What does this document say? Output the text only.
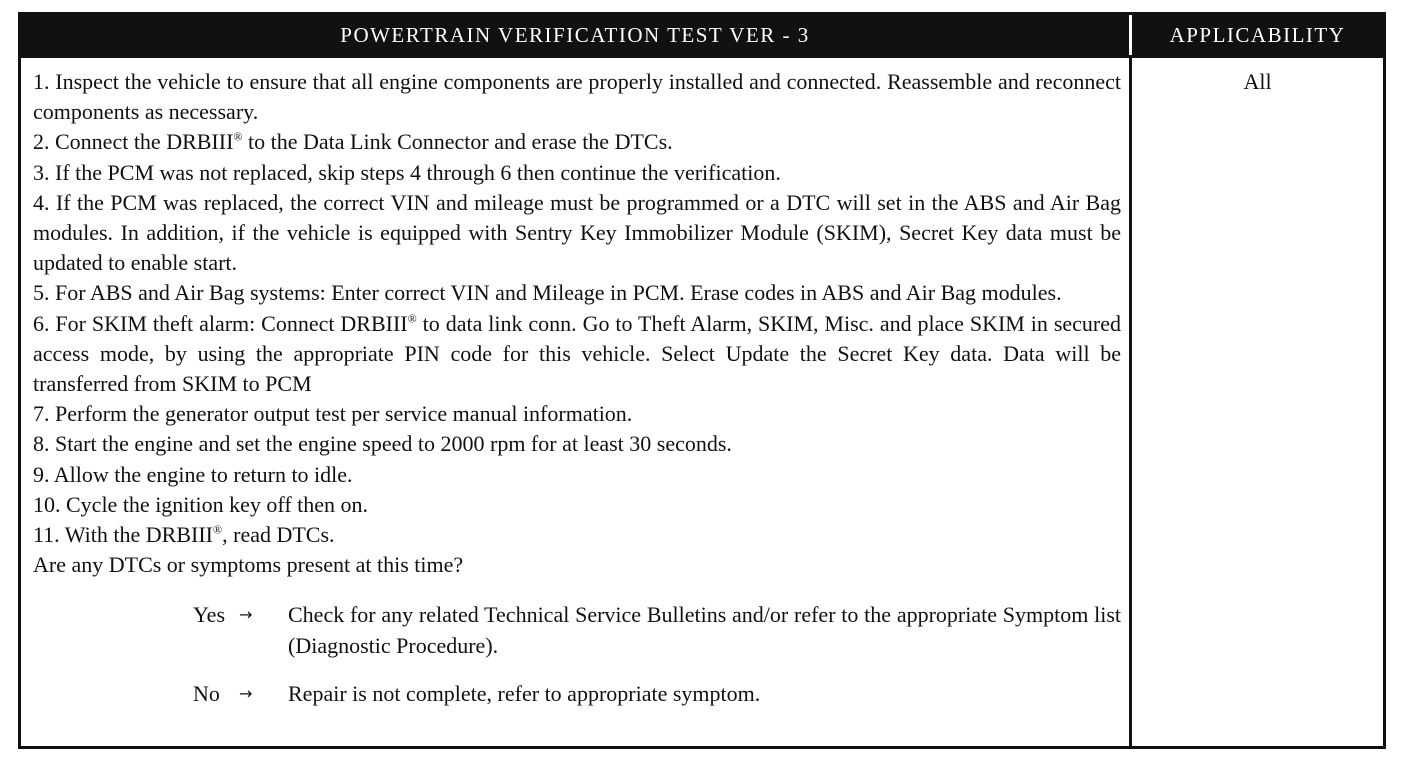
POWERTRAIN VERIFICATION TEST VER - 3	APPLICABILITY
1. Inspect the vehicle to ensure that all engine components are properly installed and connected. Reassemble and reconnect components as necessary.
2. Connect the DRBIII® to the Data Link Connector and erase the DTCs.
3. If the PCM was not replaced, skip steps 4 through 6 then continue the verification.
4. If the PCM was replaced, the correct VIN and mileage must be programmed or a DTC will set in the ABS and Air Bag modules. In addition, if the vehicle is equipped with Sentry Key Immobilizer Module (SKIM), Secret Key data must be updated to enable start.
5. For ABS and Air Bag systems: Enter correct VIN and Mileage in PCM. Erase codes in ABS and Air Bag modules.
6. For SKIM theft alarm: Connect DRBIII® to data link conn. Go to Theft Alarm, SKIM, Misc. and place SKIM in secured access mode, by using the appropriate PIN code for this vehicle. Select Update the Secret Key data. Data will be transferred from SKIM to PCM
7. Perform the generator output test per service manual information.
8. Start the engine and set the engine speed to 2000 rpm for at least 30 seconds.
9. Allow the engine to return to idle.
10. Cycle the ignition key off then on.
11. With the DRBIII®, read DTCs.
Are any DTCs or symptoms present at this time?
Yes →	Check for any related Technical Service Bulletins and/or refer to the appropriate Symptom list (Diagnostic Procedure).
No	→	Repair is not complete, refer to appropriate symptom.
All
